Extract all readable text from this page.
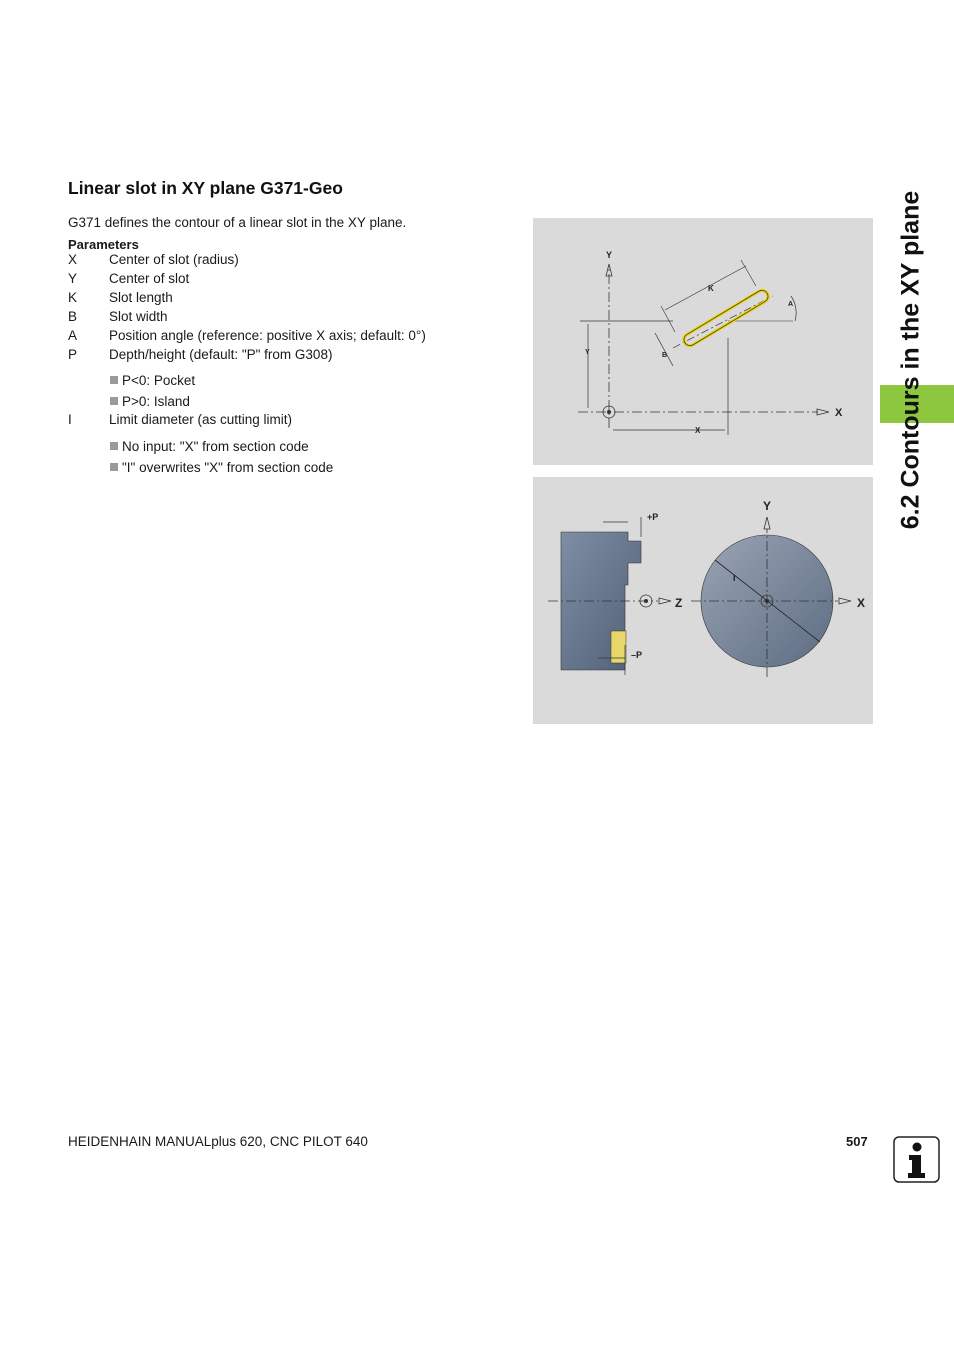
Linear slot in XY plane G371-Geo
G371 defines the contour of a linear slot in the XY plane.
Parameters
X	Center of slot (radius)
Y	Center of slot
K	Slot length
B	Slot width
A	Position angle (reference: positive X axis; default: 0°)
P	Depth/height (default: "P" from G308)
P<0: Pocket
P>0: Island
I	Limit diameter (as cutting limit)
No input: "X" from section code
"I" overwrites "X" from section code
Y
X
Y
X
K
A
B
+P
–P
Z	X
Y
I
6.2 Contours in the XY plane
HEIDENHAIN MANUALplus 620, CNC PILOT 640	507
